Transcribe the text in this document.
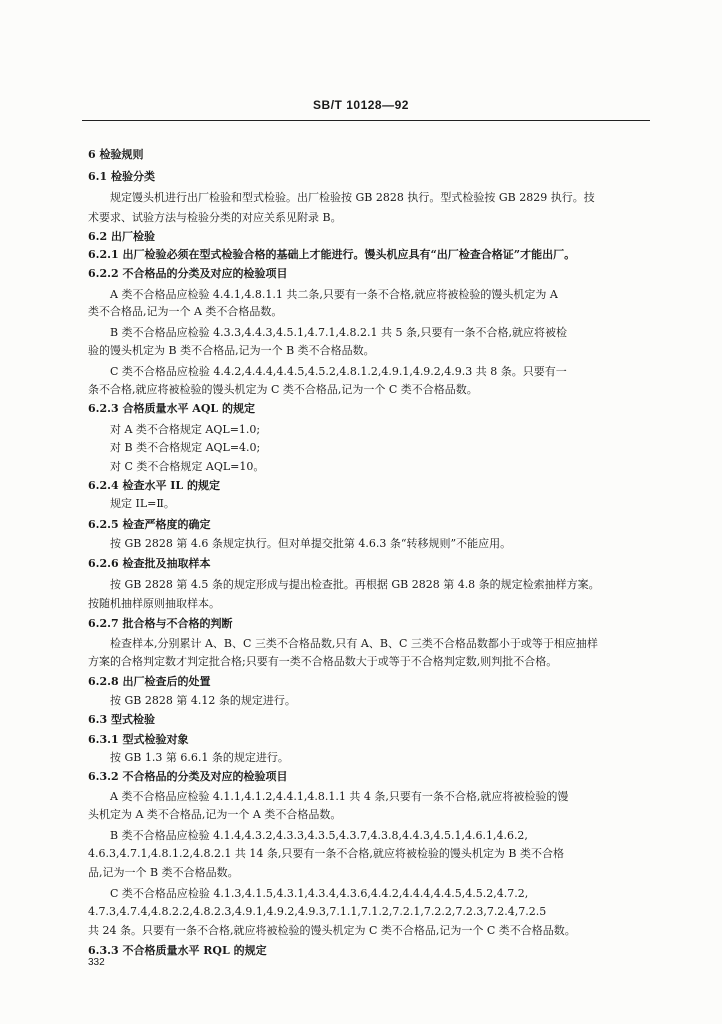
SB/T 10128—92
6 检验规则
6.1 检验分类
规定馒头机进行出厂检验和型式检验。出厂检验按 GB 2828 执行。型式检验按 GB 2829 执行。技
术要求、试验方法与检验分类的对应关系见附录 B。
6.2 出厂检验
6.2.1 出厂检验必须在型式检验合格的基础上才能进行。馒头机应具有“出厂检查合格证”才能出厂。
6.2.2 不合格品的分类及对应的检验项目
A 类不合格品应检验 4.4.1,4.8.1.1 共二条,只要有一条不合格,就应将被检验的馒头机定为 A
类不合格品,记为一个 A 类不合格品数。
B 类不合格品应检验 4.3.3,4.4.3,4.5.1,4.7.1,4.8.2.1 共 5 条,只要有一条不合格,就应将被检
验的馒头机定为 B 类不合格品,记为一个 B 类不合格品数。
C 类不合格品应检验 4.4.2,4.4.4,4.4.5,4.5.2,4.8.1.2,4.9.1,4.9.2,4.9.3 共 8 条。只要有一
条不合格,就应将被检验的馒头机定为 C 类不合格品,记为一个 C 类不合格品数。
6.2.3 合格质量水平 AQL 的规定
对 A 类不合格规定 AQL=1.0;
对 B 类不合格规定 AQL=4.0;
对 C 类不合格规定 AQL=10。
6.2.4 检查水平 IL 的规定
规定 IL=Ⅱ。
6.2.5 检查严格度的确定
按 GB 2828 第 4.6 条规定执行。但对单提交批第 4.6.3 条“转移规则”不能应用。
6.2.6 检查批及抽取样本
按 GB 2828 第 4.5 条的规定形成与提出检查批。再根据 GB 2828 第 4.8 条的规定检索抽样方案。
按随机抽样原则抽取样本。
6.2.7 批合格与不合格的判断
检查样本,分别累计 A、B、C 三类不合格品数,只有 A、B、C 三类不合格品数都小于或等于相应抽样
方案的合格判定数才判定批合格;只要有一类不合格品数大于或等于不合格判定数,则判批不合格。
6.2.8 出厂检查后的处置
按 GB 2828 第 4.12 条的规定进行。
6.3 型式检验
6.3.1 型式检验对象
按 GB 1.3 第 6.6.1 条的规定进行。
6.3.2 不合格品的分类及对应的检验项目
A 类不合格品应检验 4.1.1,4.1.2,4.4.1,4.8.1.1 共 4 条,只要有一条不合格,就应将被检验的馒
头机定为 A 类不合格品,记为一个 A 类不合格品数。
B 类不合格品应检验 4.1.4,4.3.2,4.3.3,4.3.5,4.3.7,4.3.8,4.4.3,4.5.1,4.6.1,4.6.2,
4.6.3,4.7.1,4.8.1.2,4.8.2.1 共 14 条,只要有一条不合格,就应将被检验的馒头机定为 B 类不合格
品,记为一个 B 类不合格品数。
C 类不合格品应检验 4.1.3,4.1.5,4.3.1,4.3.4,4.3.6,4.4.2,4.4.4,4.4.5,4.5.2,4.7.2,
4.7.3,4.7.4,4.8.2.2,4.8.2.3,4.9.1,4.9.2,4.9.3,7.1.1,7.1.2,7.2.1,7.2.2,7.2.3,7.2.4,7.2.5
共 24 条。只要有一条不合格,就应将被检验的馒头机定为 C 类不合格品,记为一个 C 类不合格品数。
6.3.3 不合格质量水平 RQL 的规定
332
